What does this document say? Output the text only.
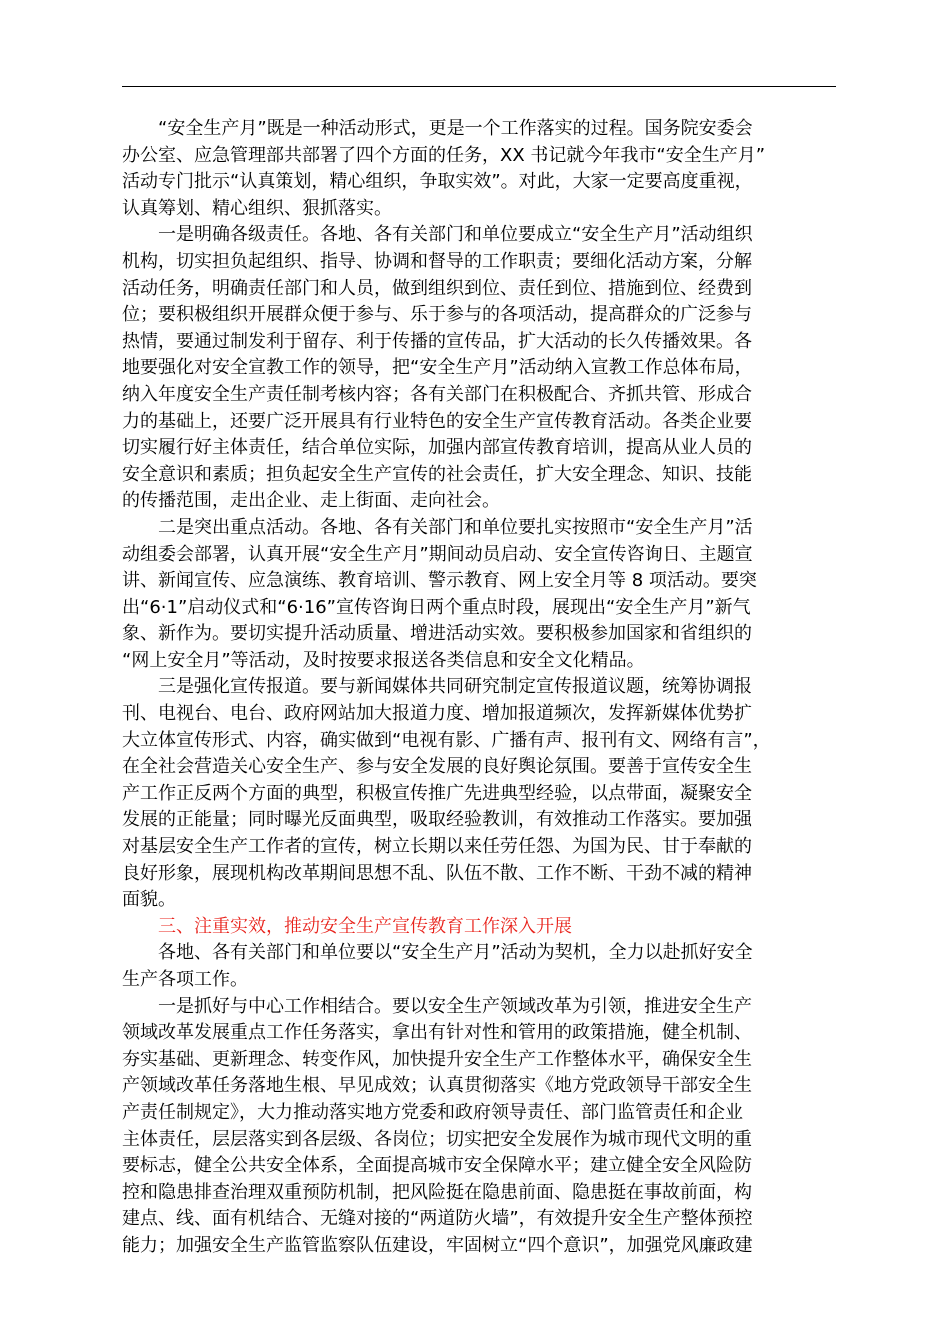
“安全生产月”既是一种活动形式，更是一个工作落实的过程。国务院安委会
办公室、应急管理部共部署了四个方面的任务，XX 书记就今年我市“安全生产月”
活动专门批示“认真策划，精心组织，争取实效”。对此，大家一定要高度重视，
认真筹划、精心组织、狠抓落实。
一是明确各级责任。各地、各有关部门和单位要成立“安全生产月”活动组织
机构，切实担负起组织、指导、协调和督导的工作职责；要细化活动方案，分解
活动任务，明确责任部门和人员，做到组织到位、责任到位、措施到位、经费到
位；要积极组织开展群众便于参与、乐于参与的各项活动，提高群众的广泛参与
热情，要通过制发利于留存、利于传播的宣传品，扩大活动的长久传播效果。各
地要强化对安全宣教工作的领导，把“安全生产月”活动纳入宣教工作总体布局，
纳入年度安全生产责任制考核内容；各有关部门在积极配合、齐抓共管、形成合
力的基础上，还要广泛开展具有行业特色的安全生产宣传教育活动。各类企业要
切实履行好主体责任，结合单位实际，加强内部宣传教育培训，提高从业人员的
安全意识和素质；担负起安全生产宣传的社会责任，扩大安全理念、知识、技能
的传播范围，走出企业、走上街面、走向社会。
二是突出重点活动。各地、各有关部门和单位要扎实按照市“安全生产月”活
动组委会部署，认真开展“安全生产月”期间动员启动、安全宣传咨询日、主题宣
讲、新闻宣传、应急演练、教育培训、警示教育、网上安全月等 8 项活动。要突
出“6·1”启动仪式和“6·16”宣传咨询日两个重点时段，展现出“安全生产月”新气
象、新作为。要切实提升活动质量、增进活动实效。要积极参加国家和省组织的
“网上安全月”等活动，及时按要求报送各类信息和安全文化精品。
三是强化宣传报道。要与新闻媒体共同研究制定宣传报道议题，统筹协调报
刊、电视台、电台、政府网站加大报道力度、增加报道频次，发挥新媒体优势扩
大立体宣传形式、内容，确实做到“电视有影、广播有声、报刊有文、网络有言”，
在全社会营造关心安全生产、参与安全发展的良好舆论氛围。要善于宣传安全生
产工作正反两个方面的典型，积极宣传推广先进典型经验，以点带面，凝聚安全
发展的正能量；同时曝光反面典型，吸取经验教训，有效推动工作落实。要加强
对基层安全生产工作者的宣传，树立长期以来任劳任怨、为国为民、甘于奉献的
良好形象，展现机构改革期间思想不乱、队伍不散、工作不断、干劲不减的精神
面貌。
三、注重实效，推动安全生产宣传教育工作深入开展
各地、各有关部门和单位要以“安全生产月”活动为契机，全力以赴抓好安全
生产各项工作。
一是抓好与中心工作相结合。要以安全生产领域改革为引领，推进安全生产
领域改革发展重点工作任务落实，拿出有针对性和管用的政策措施，健全机制、
夯实基础、更新理念、转变作风，加快提升安全生产工作整体水平，确保安全生
产领域改革任务落地生根、早见成效；认真贯彻落实《地方党政领导干部安全生
产责任制规定》，大力推动落实地方党委和政府领导责任、部门监管责任和企业
主体责任，层层落实到各层级、各岗位；切实把安全发展作为城市现代文明的重
要标志，健全公共安全体系，全面提高城市安全保障水平；建立健全安全风险防
控和隐患排查治理双重预防机制，把风险挺在隐患前面、隐患挺在事故前面，构
建点、线、面有机结合、无缝对接的“两道防火墙”，有效提升安全生产整体预控
能力；加强安全生产监管监察队伍建设，牢固树立“四个意识”，加强党风廉政建
